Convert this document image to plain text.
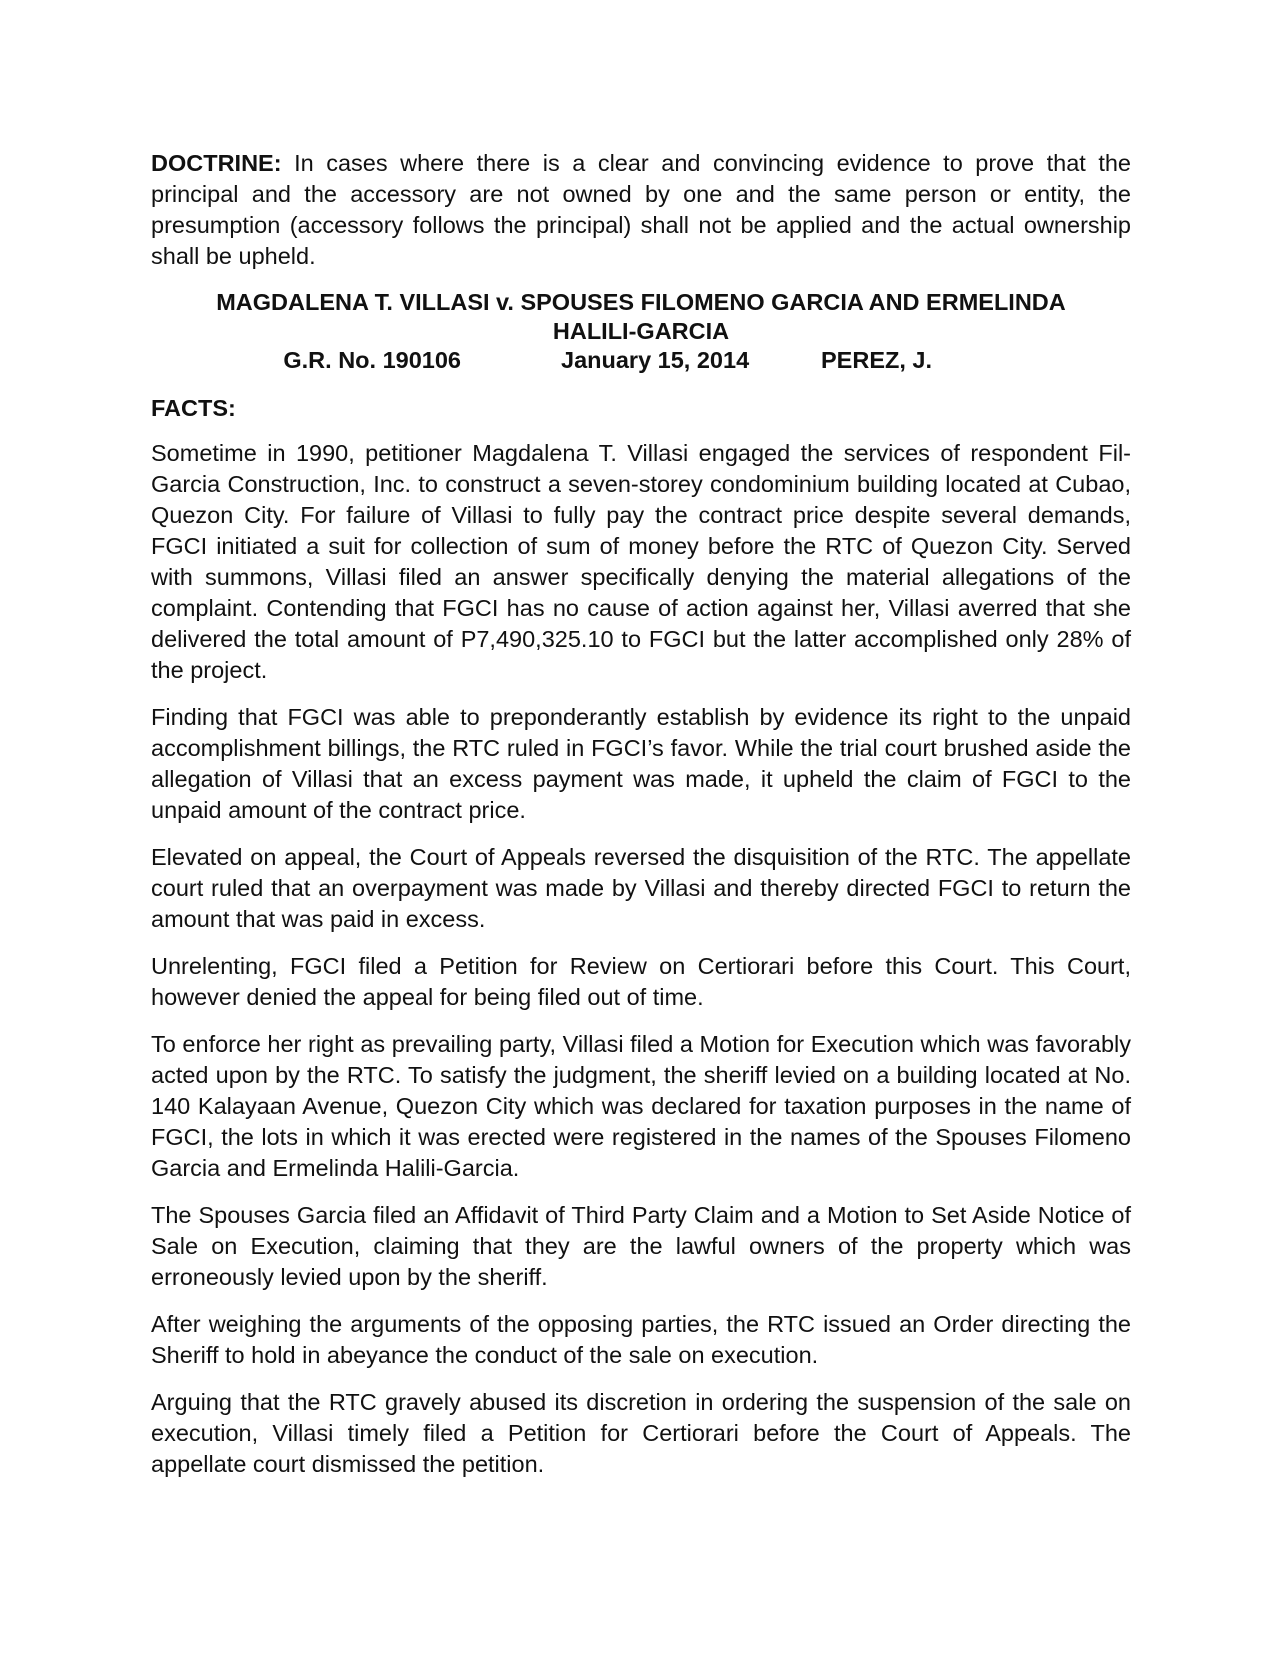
DOCTRINE: In cases where there is a clear and convincing evidence to prove that the principal and the accessory are not owned by one and the same person or entity, the presumption (accessory follows the principal) shall not be applied and the actual ownership shall be upheld.

MAGDALENA T. VILLASI v. SPOUSES FILOMENO GARCIA AND ERMELINDA

HALILI-GARCIA

G.R. No. 190106	January 15, 2014	PEREZ, J.

FACTS:

Sometime in 1990, petitioner Magdalena T. Villasi engaged the services of respondent Fil-Garcia Construction, Inc. to construct a seven-storey condominium building located at Cubao, Quezon City. For failure of Villasi to fully pay the contract price despite several demands, FGCI initiated a suit for collection of sum of money before the RTC of Quezon City. Served with summons, Villasi filed an answer specifically denying the material allegations of the complaint. Contending that FGCI has no cause of action against her, Villasi averred that she delivered the total amount of P7,490,325.10 to FGCI but the latter accomplished only 28% of the project.

Finding that FGCI was able to preponderantly establish by evidence its right to the unpaid accomplishment billings, the RTC ruled in FGCI’s favor. While the trial court brushed aside the allegation of Villasi that an excess payment was made, it upheld the claim of FGCI to the unpaid amount of the contract price.

Elevated on appeal, the Court of Appeals reversed the disquisition of the RTC. The appellate court ruled that an overpayment was made by Villasi and thereby directed FGCI to return the amount that was paid in excess.

Unrelenting, FGCI filed a Petition for Review on Certiorari before this Court. This Court, however denied the appeal for being filed out of time.

To enforce her right as prevailing party, Villasi filed a Motion for Execution which was favorably acted upon by the RTC. To satisfy the judgment, the sheriff levied on a building located at No. 140 Kalayaan Avenue, Quezon City which was declared for taxation purposes in the name of FGCI, the lots in which it was erected were registered in the names of the Spouses Filomeno Garcia and Ermelinda Halili-Garcia.

The Spouses Garcia filed an Affidavit of Third Party Claim and a Motion to Set Aside Notice of Sale on Execution, claiming that they are the lawful owners of the property which was erroneously levied upon by the sheriff.

After weighing the arguments of the opposing parties, the RTC issued an Order directing the Sheriff to hold in abeyance the conduct of the sale on execution.

Arguing that the RTC gravely abused its discretion in ordering the suspension of the sale on execution, Villasi timely filed a Petition for Certiorari before the Court of Appeals. The appellate court dismissed the petition.
